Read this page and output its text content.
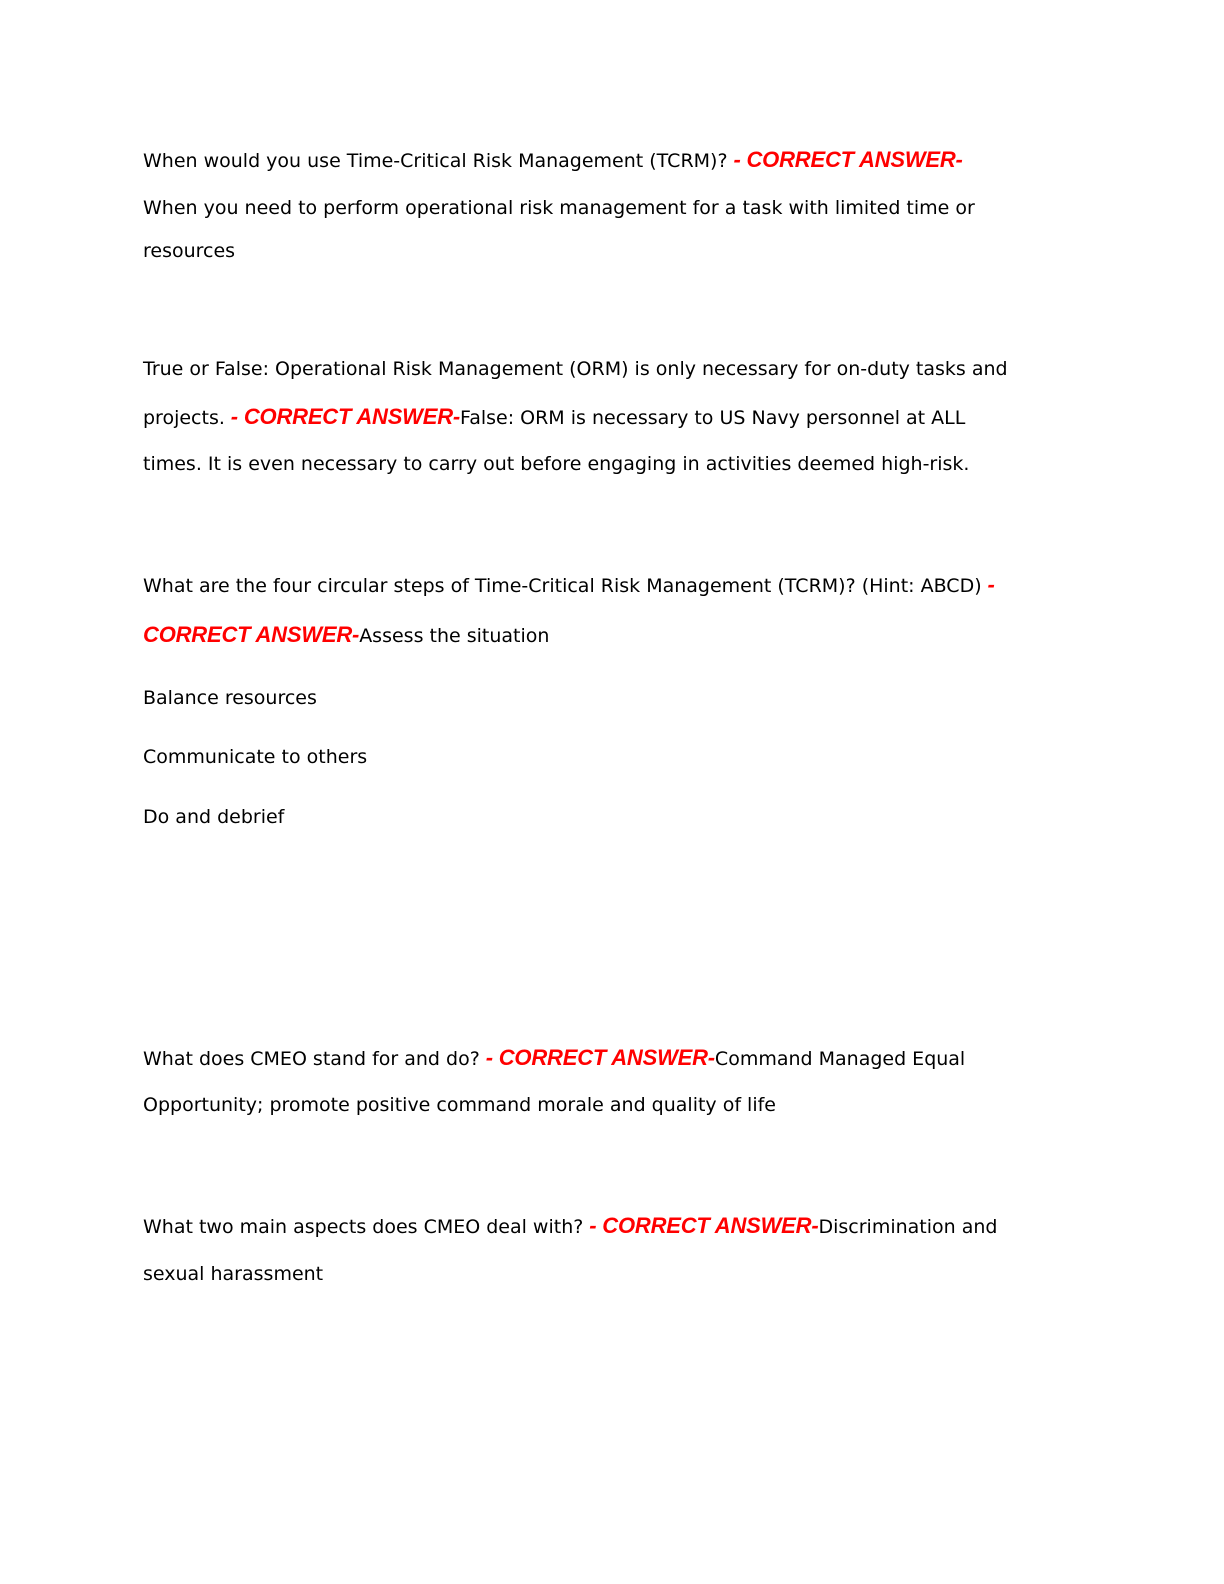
When would you use Time-Critical Risk Management (TCRM)? - CORRECT ANSWER-
When you need to perform operational risk management for a task with limited time or
resources
True or False: Operational Risk Management (ORM) is only necessary for on-duty tasks and
projects. - CORRECT ANSWER-False: ORM is necessary to US Navy personnel at ALL
times. It is even necessary to carry out before engaging in activities deemed high-risk.
What are the four circular steps of Time-Critical Risk Management (TCRM)? (Hint: ABCD) -
CORRECT ANSWER-Assess the situation
Balance resources
Communicate to others
Do and debrief
What does CMEO stand for and do? - CORRECT ANSWER-Command Managed Equal
Opportunity; promote positive command morale and quality of life
What two main aspects does CMEO deal with? - CORRECT ANSWER-Discrimination and
sexual harassment
